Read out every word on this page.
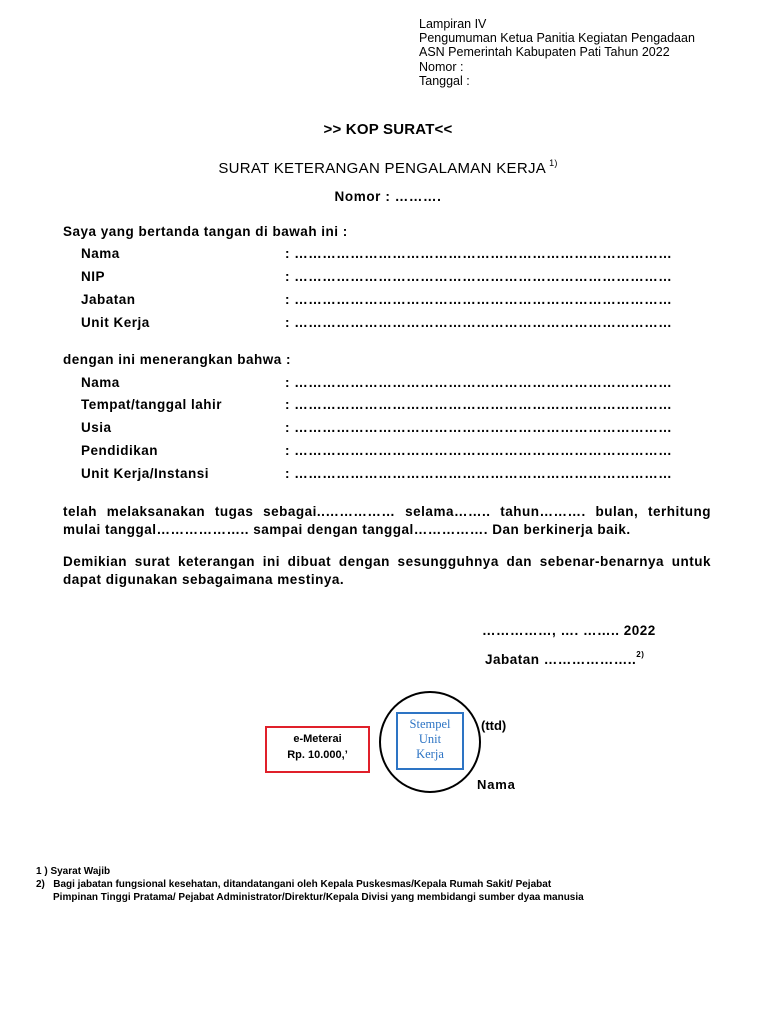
Lampiran IV
Pengumuman Ketua Panitia Kegiatan Pengadaan
ASN Pemerintah Kabupaten Pati Tahun 2022
Nomor :
Tanggal :
>> KOP SURAT<<
SURAT KETERANGAN PENGALAMAN KERJA $^{1)}$
Nomor : ……….
Saya yang bertanda tangan di bawah ini :
Nama	: ………………………………………………………………………
NIP	: ………………………………………………………………………
Jabatan	: ………………………………………………………………………
Unit Kerja	: ………………………………………………………………………
dengan ini menerangkan bahwa :
Nama	: ………………………………………………………………………
Tempat/tanggal lahir	: ………………………………………………………………………
Usia	: ………………………………………………………………………
Pendidikan	: ………………………………………………………………………
Unit Kerja/Instansi	: ………………………………………………………………………
telah melaksanakan tugas sebagai..…………… selama…….. tahun………. bulan, terhitung
mulai tanggal……………….. sampai dengan tanggal……………. Dan berkinerja baik.
Demikian surat keterangan ini dibuat dengan sesungguhnya dan sebenar-benarnya untuk
dapat digunakan sebagaimana mestinya.
……………, …. …….. 2022
Jabatan ………………..$^{2)}$
e-Meterai
Rp. 10.000,’
Stempel
Unit
Kerja
(ttd)
Nama
1 ) Syarat Wajib
2)   Bagi jabatan fungsional kesehatan, ditandatangani oleh Kepala Puskesmas/Kepala Rumah Sakit/ Pejabat
Pimpinan Tinggi Pratama/ Pejabat Administrator/Direktur/Kepala Divisi yang membidangi sumber dyaa manusia
